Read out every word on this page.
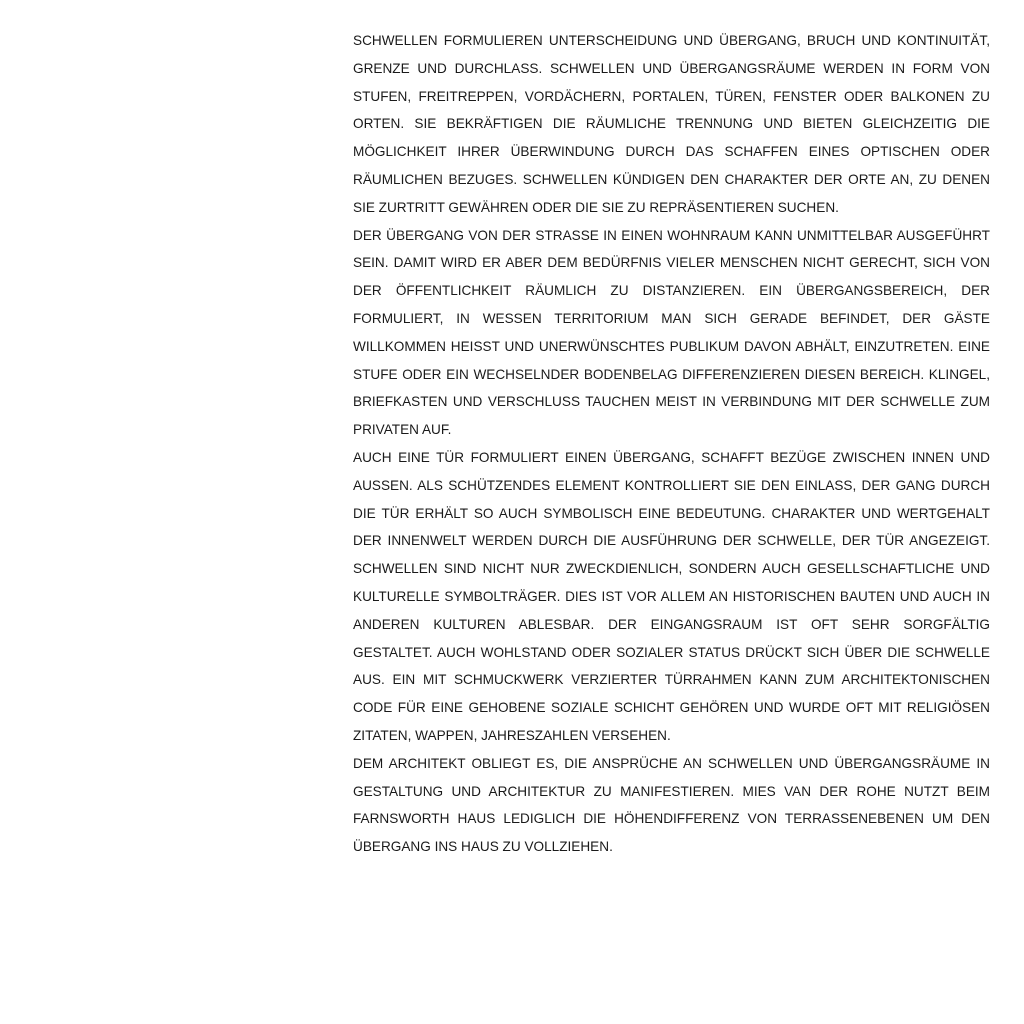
SCHWELLEN FORMULIEREN UNTERSCHEIDUNG UND ÜBERGANG, BRUCH UND KONTINUITÄT, GRENZE UND DURCHLASS. SCHWELLEN UND ÜBERGANGSRÄUME WERDEN IN FORM VON STUFEN, FREITREPPEN, VORDÄCHERN, PORTALEN, TÜREN, FENSTER ODER BALKONEN ZU ORTEN. SIE BEKRÄFTIGEN DIE RÄUMLICHE TRENNUNG UND BIETEN GLEICHZEITIG DIE MÖGLICHKEIT IHRER ÜBERWINDUNG DURCH DAS SCHAFFEN EINES OPTISCHEN ODER RÄUMLICHEN BEZUGES. SCHWELLEN KÜNDIGEN DEN CHARAKTER DER ORTE AN, ZU DENEN SIE ZURTRITT GEWÄHREN ODER DIE SIE ZU REPRÄSENTIEREN SUCHEN.

DER ÜBERGANG VON DER STRASSE IN EINEN WOHNRAUM KANN UNMITTELBAR AUSGEFÜHRT SEIN. DAMIT WIRD ER ABER DEM BEDÜRFNIS VIELER MENSCHEN NICHT GERECHT, SICH VON DER ÖFFENTLICHKEIT RÄUMLICH ZU DISTANZIEREN. EIN ÜBERGANGSBEREICH, DER FORMULIERT, IN WESSEN TERRITORIUM MAN SICH GERADE BEFINDET, DER GÄSTE WILLKOMMEN HEISST UND UNERWÜNSCHTES PUBLIKUM DAVON ABHÄLT, EINZUTRETEN. EINE STUFE ODER EIN WECHSELNDER BODENBELAG DIFFERENZIEREN DIESEN BEREICH. KLINGEL, BRIEFKASTEN UND VERSCHLUSS TAUCHEN MEIST IN VERBINDUNG MIT DER SCHWELLE ZUM PRIVATEN AUF.

AUCH EINE TÜR FORMULIERT EINEN ÜBERGANG, SCHAFFT BEZÜGE ZWISCHEN INNEN UND AUSSEN. ALS SCHÜTZENDES ELEMENT KONTROLLIERT SIE DEN EINLASS, DER GANG DURCH DIE TÜR ERHÄLT SO AUCH SYMBOLISCH EINE BEDEUTUNG. CHARAKTER UND WERTGEHALT DER INNENWELT WERDEN DURCH DIE AUSFÜHRUNG DER SCHWELLE, DER TÜR ANGEZEIGT. SCHWELLEN SIND NICHT NUR ZWECKDIENLICH, SONDERN AUCH GESELLSCHAFTLICHE UND KULTURELLE SYMBOLTRÄGER. DIES IST VOR ALLEM AN HISTORISCHEN BAUTEN UND AUCH IN ANDEREN KULTUREN ABLESBAR. DER EINGANGSRAUM IST OFT SEHR SORGFÄLTIG GESTALTET. AUCH WOHLSTAND ODER SOZIALER STATUS DRÜCKT SICH ÜBER DIE SCHWELLE AUS. EIN MIT SCHMUCKWERK VERZIERTER TÜRRAHMEN KANN ZUM ARCHITEKTONISCHEN CODE FÜR EINE GEHOBENE SOZIALE SCHICHT GEHÖREN UND WURDE OFT MIT RELIGIÖSEN ZITATEN, WAPPEN, JAHRESZAHLEN VERSEHEN.

DEM ARCHITEKT OBLIEGT ES, DIE ANSPRÜCHE AN SCHWELLEN UND ÜBERGANGSRÄUME IN GESTALTUNG UND ARCHITEKTUR ZU MANIFESTIEREN. MIES VAN DER ROHE NUTZT BEIM FARNSWORTH HAUS LEDIGLICH DIE HÖHENDIFFERENZ VON TERRASSENEBENEN UM DEN ÜBERGANG INS HAUS ZU VOLLZIEHEN.
